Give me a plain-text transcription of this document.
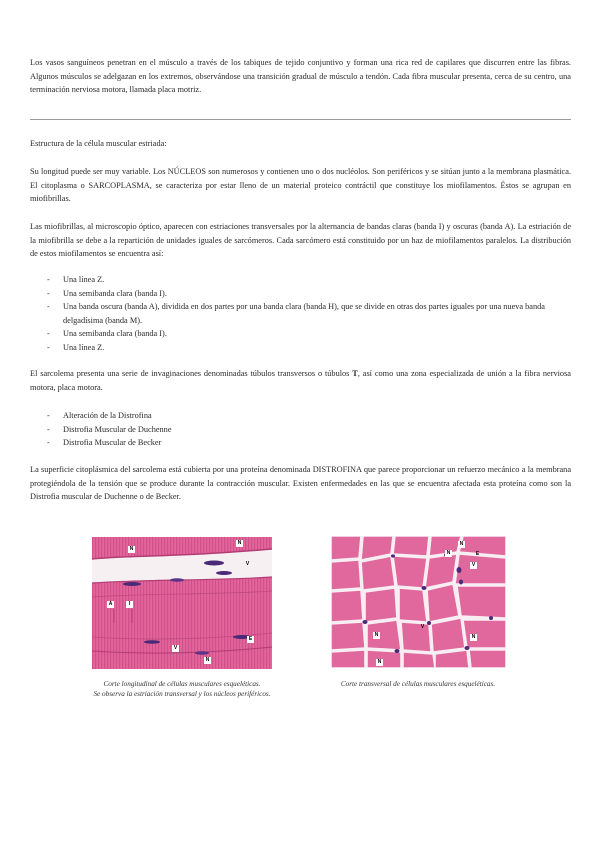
Los vasos sanguíneos penetran en el músculo a través de los tabiques de tejido conjuntivo y forman una rica red de capilares que discurren entre las fibras. Algunos músculos se adelgazan en los extremos, observándose una transición gradual de músculo a tendón. Cada fibra muscular presenta, cerca de su centro, una terminación nerviosa motora, llamada placa motriz.

Estructura de la célula muscular estriada:

Su longitud puede ser muy variable. Los NÚCLEOS son numerosos y contienen uno o dos nucléolos. Son periféricos y se sitúan junto a la membrana plasmática. El citoplasma o SARCOPLASMA, se caracteriza por estar lleno de un material proteico contráctil que constituye los miofilamentos. Éstos se agrupan en miofibrillas.

Las miofibrillas, al microscopio óptico, aparecen con estriaciones transversales por la alternancia de bandas claras (banda I) y oscuras (banda A). La estriación de la miofibrilla se debe a la repartición de unidades iguales de sarcómeros. Cada sarcómero está constituido por un haz de miofilamentos paralelos. La distribución de estos miofilamentos se encuentra así:

- Una línea Z.
- Una semibanda clara (banda I).
- Una banda oscura (banda A), dividida en dos partes por una banda clara (banda H), que se divide en otras dos partes iguales por una nueva banda delgadísima (banda M).
- Una semibanda clara (banda I).
- Una línea Z.

El sarcolema presenta una serie de invaginaciones denominadas túbulos transversos o túbulos T, así como una zona especializada de unión a la fibra nerviosa motora, placa motora.

- Alteración de la Distrofina
- Distrofia Muscular de Duchenne
- Distrofia Muscular de Becker

La superficie citoplásmica del sarcolema está cubierta por una proteína denominada DISTROFINA que parece proporcionar un refuerzo mecánico a la membrana protegiéndola de la tensión que se produce durante la contracción muscular. Existen enfermedades en las que se encuentra afectada esta proteína como son la Distrofia muscular de Duchenne o de Becker.

N
N
V
A	I
E
V
N
Corte longitudinal de células musculares esqueléticas.
Se observa la estriación transversal y los núcleos periféricos.
N
N
V
E
V
N	N
N
Corte transversal de células musculares esqueléticas.
